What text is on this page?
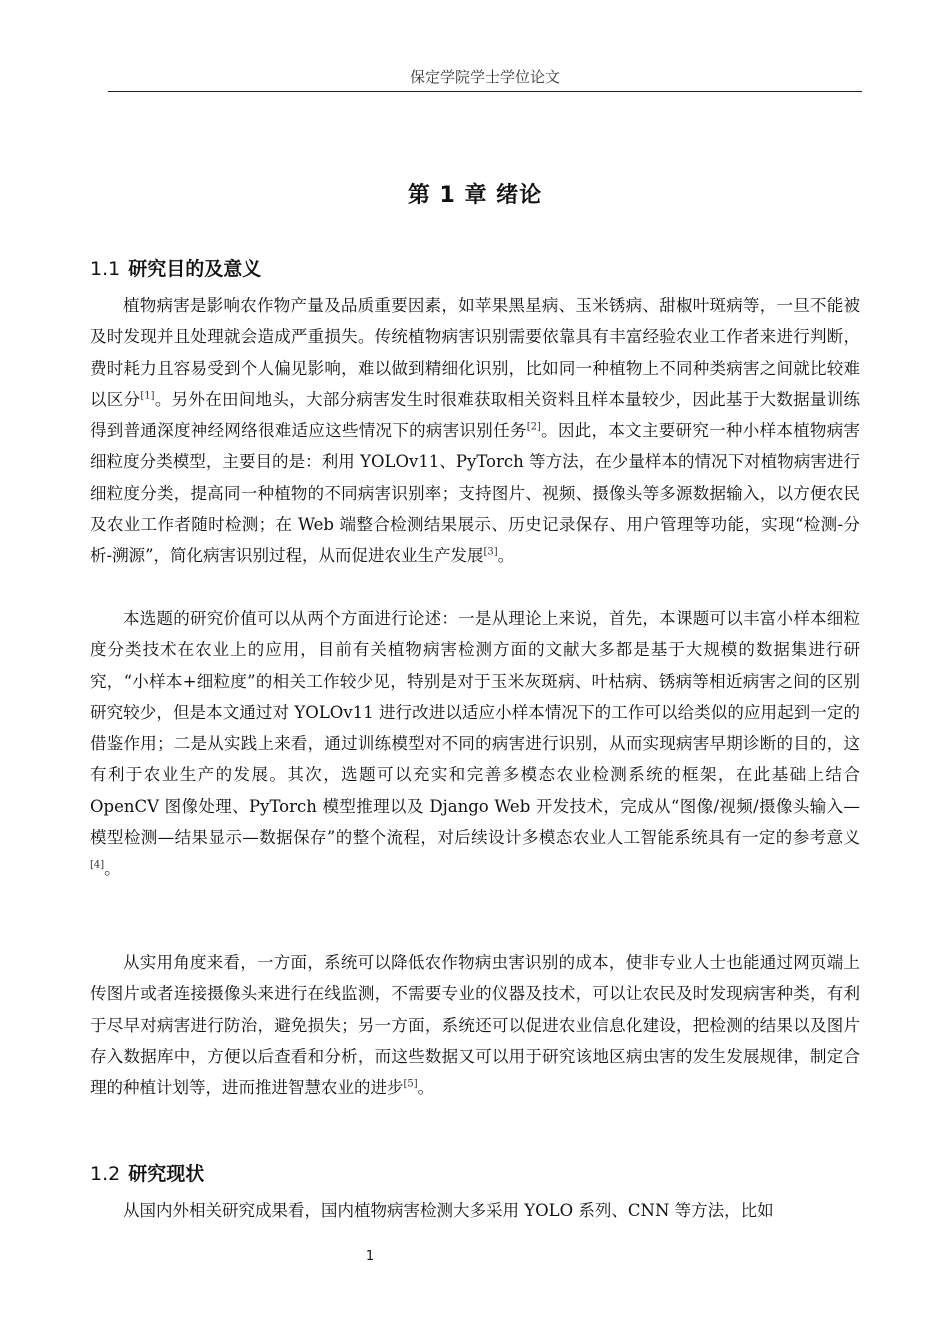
保定学院学士学位论文
第 1 章 绪论
1.1 研究目的及意义

植物病害是影响农作物产量及品质重要因素，如苹果黑星病、玉米锈病、甜椒叶斑病等，一旦不能被及时发现并且处理就会造成严重损失。传统植物病害识别需要依靠具有丰富经验农业工作者来进行判断，费时耗力且容易受到个人偏见影响，难以做到精细化识别，比如同一种植物上不同种类病害之间就比较难以区分[1]。另外在田间地头，大部分病害发生时很难获取相关资料且样本量较少，因此基于大数据量训练得到普通深度神经网络很难适应这些情况下的病害识别任务[2]。因此，本文主要研究一种小样本植物病害细粒度分类模型，主要目的是：利用 YOLOv11、PyTorch 等方法，在少量样本的情况下对植物病害进行细粒度分类，提高同一种植物的不同病害识别率；支持图片、视频、摄像头等多源数据输入，以方便农民及农业工作者随时检测；在 Web 端整合检测结果展示、历史记录保存、用户管理等功能，实现“检测-分析-溯源”，简化病害识别过程，从而促进农业生产发展[3]。

本选题的研究价值可以从两个方面进行论述：一是从理论上来说，首先，本课题可以丰富小样本细粒度分类技术在农业上的应用，目前有关植物病害检测方面的文献大多都是基于大规模的数据集进行研究，“小样本+细粒度”的相关工作较少见，特别是对于玉米灰斑病、叶枯病、锈病等相近病害之间的区别研究较少，但是本文通过对 YOLOv11 进行改进以适应小样本情况下的工作可以给类似的应用起到一定的借鉴作用；二是从实践上来看，通过训练模型对不同的病害进行识别，从而实现病害早期诊断的目的，这有利于农业生产的发展。其次，选题可以充实和完善多模态农业检测系统的框架，在此基础上结合 OpenCV 图像处理、PyTorch 模型推理以及 Django Web 开发技术，完成从“图像/视频/摄像头输入—模型检测—结果显示—数据保存”的整个流程，对后续设计多模态农业人工智能系统具有一定的参考意义[4]。

从实用角度来看，一方面，系统可以降低农作物病虫害识别的成本，使非专业人士也能通过网页端上传图片或者连接摄像头来进行在线监测，不需要专业的仪器及技术，可以让农民及时发现病害种类，有利于尽早对病害进行防治，避免损失；另一方面，系统还可以促进农业信息化建设，把检测的结果以及图片存入数据库中，方便以后查看和分析，而这些数据又可以用于研究该地区病虫害的发生发展规律，制定合理的种植计划等，进而推进智慧农业的进步[5]。

1.2 研究现状

从国内外相关研究成果看，国内植物病害检测大多采用 YOLO 系列、CNN 等方法，比如

1
